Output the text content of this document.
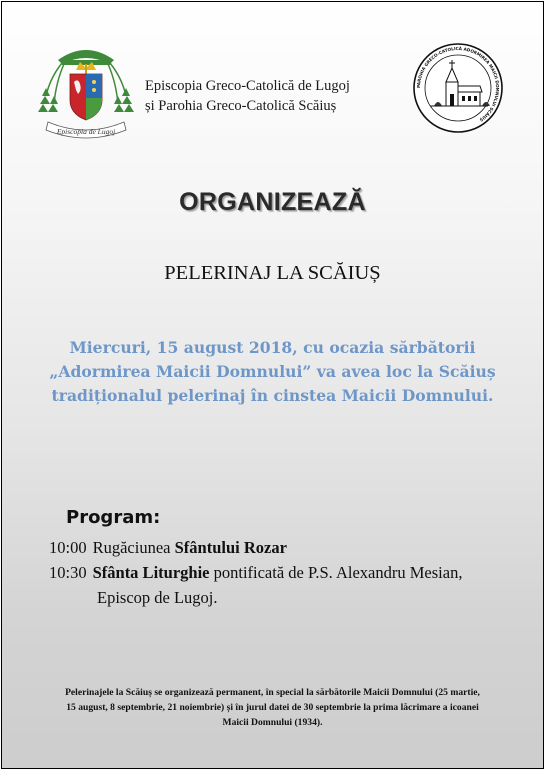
Episcopia de Lugoj
Episcopia Greco-Catolică de Lugoj
și Parohia Greco-Catolică Scăiuș
PAROHIA GRECO-CATOLICĂ ADORMIREA MAICII DOMNULUI SCĂIUȘ
ORGANIZEAZĂ
PELERINAJ LA SCĂIUȘ
Miercuri, 15 august 2018, cu ocazia sărbătorii
„Adormirea Maicii Domnului” va avea loc la Scăiuș
tradiționalul pelerinaj în cinstea Maicii Domnului.
Program:
10:00 Rugăciunea Sfântului Rozar
10:30 Sfânta Liturghie pontificată de P.S. Alexandru Mesian,
Episcop de Lugoj.
Pelerinajele la Scăiuș se organizează permanent, în special la sărbătorile Maicii Domnului (25 martie,
15 august, 8 septembrie, 21 noiembrie) și în jurul datei de 30 septembrie la prima lăcrimare a icoanei
Maicii Domnului (1934).
